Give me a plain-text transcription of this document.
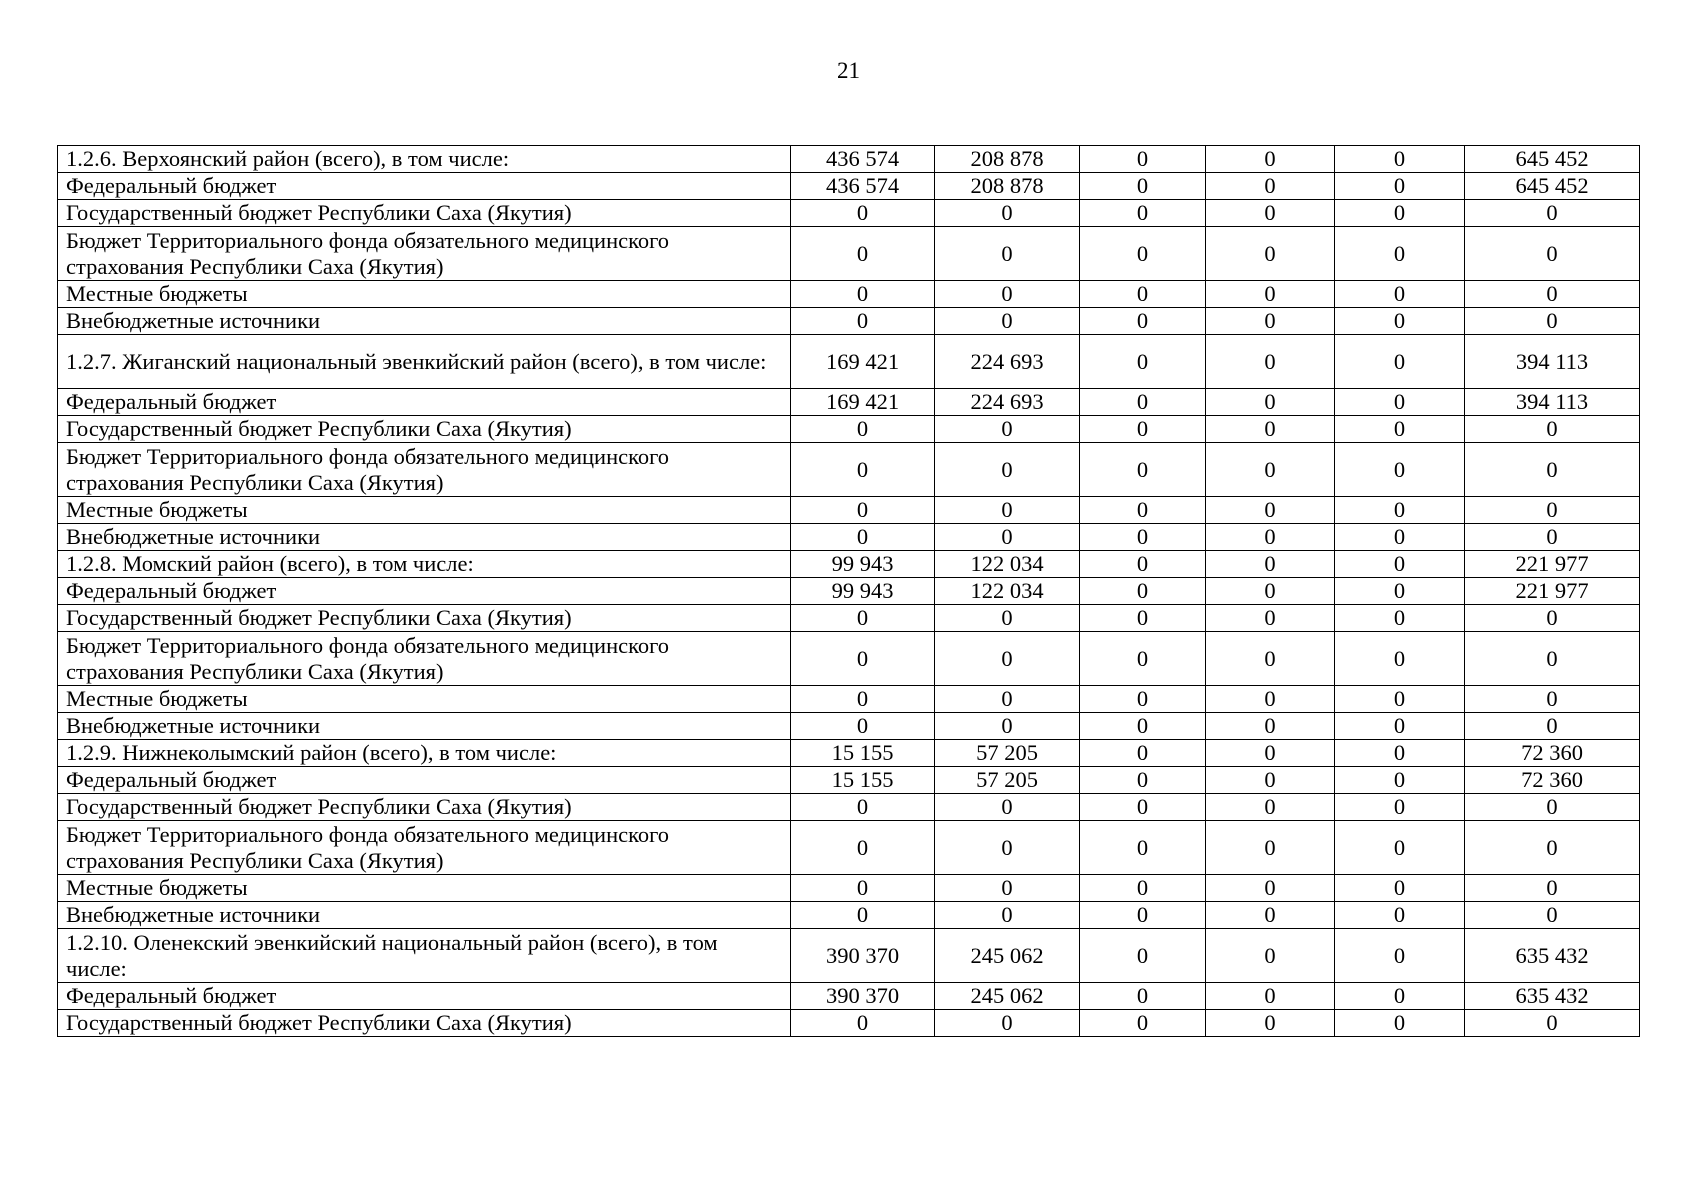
21
1.2.6. Верхоянский район (всего), в том числе:	436 574	208 878	0	0	0	645 452
Федеральный бюджет	436 574	208 878	0	0	0	645 452
Государственный бюджет Республики Саха (Якутия)	0	0	0	0	0	0
Бюджет Территориального фонда обязательного медицинского страхования Республики Саха (Якутия)	0	0	0	0	0	0
Местные бюджеты	0	0	0	0	0	0
Внебюджетные источники	0	0	0	0	0	0
1.2.7. Жиганский национальный эвенкийский район (всего), в том числе:	169 421	224 693	0	0	0	394 113
Федеральный бюджет	169 421	224 693	0	0	0	394 113
Государственный бюджет Республики Саха (Якутия)	0	0	0	0	0	0
Бюджет Территориального фонда обязательного медицинского страхования Республики Саха (Якутия)	0	0	0	0	0	0
Местные бюджеты	0	0	0	0	0	0
Внебюджетные источники	0	0	0	0	0	0
1.2.8. Момский район (всего), в том числе:	99 943	122 034	0	0	0	221 977
Федеральный бюджет	99 943	122 034	0	0	0	221 977
Государственный бюджет Республики Саха (Якутия)	0	0	0	0	0	0
Бюджет Территориального фонда обязательного медицинского страхования Республики Саха (Якутия)	0	0	0	0	0	0
Местные бюджеты	0	0	0	0	0	0
Внебюджетные источники	0	0	0	0	0	0
1.2.9. Нижнеколымский район (всего), в том числе:	15 155	57 205	0	0	0	72 360
Федеральный бюджет	15 155	57 205	0	0	0	72 360
Государственный бюджет Республики Саха (Якутия)	0	0	0	0	0	0
Бюджет Территориального фонда обязательного медицинского страхования Республики Саха (Якутия)	0	0	0	0	0	0
Местные бюджеты	0	0	0	0	0	0
Внебюджетные источники	0	0	0	0	0	0
1.2.10. Оленекский эвенкийский национальный район (всего), в том числе:	390 370	245 062	0	0	0	635 432
Федеральный бюджет	390 370	245 062	0	0	0	635 432
Государственный бюджет Республики Саха (Якутия)	0	0	0	0	0	0
